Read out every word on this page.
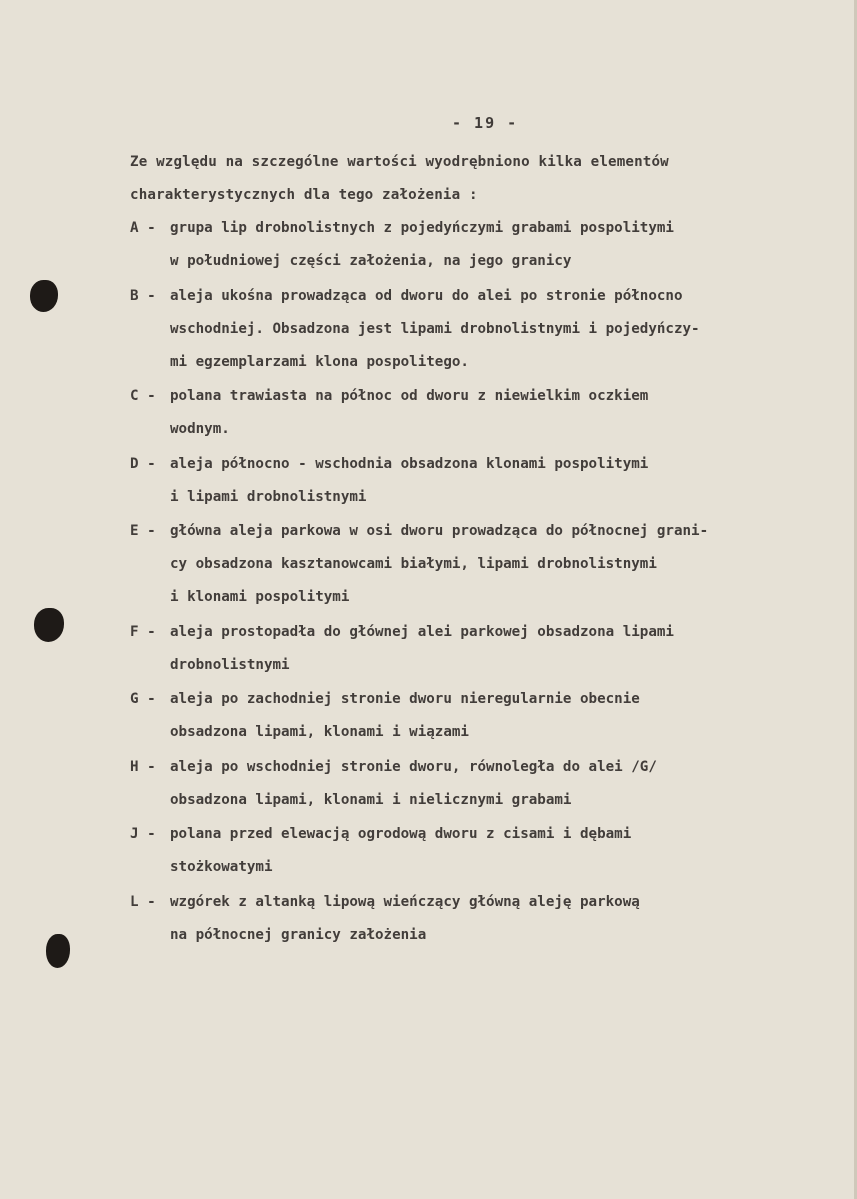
- 19 -
Ze względu na szczególne wartości wyodrębniono kilka elementów
charakterystycznych dla tego założenia :
A -	grupa lip drobnolistnych z pojedyńczymi grabami pospolitymi
w południowej części założenia, na jego granicy
B -	aleja ukośna prowadząca od dworu do alei po stronie północno
wschodniej. Obsadzona jest lipami drobnolistnymi i pojedyńczy-
mi egzemplarzami klona pospolitego.
C -	polana trawiasta na północ od dworu z niewielkim oczkiem
wodnym.
D -	aleja północno - wschodnia obsadzona klonami pospolitymi
i lipami drobnolistnymi
E -	główna aleja parkowa w osi dworu prowadząca do północnej grani-
cy obsadzona kasztanowcami białymi, lipami drobnolistnymi
i klonami pospolitymi
F -	aleja prostopadła do głównej alei parkowej obsadzona lipami
drobnolistnymi
G -	aleja po zachodniej stronie dworu nieregularnie obecnie
obsadzona lipami, klonami i wiązami
H -	aleja po wschodniej stronie dworu, równoległa do alei /G/
obsadzona lipami, klonami i nielicznymi grabami
J -	polana przed elewacją ogrodową dworu z cisami i dębami
stożkowatymi
L -	wzgórek z altanką lipową wieńczący główną aleję parkową
na północnej granicy założenia
